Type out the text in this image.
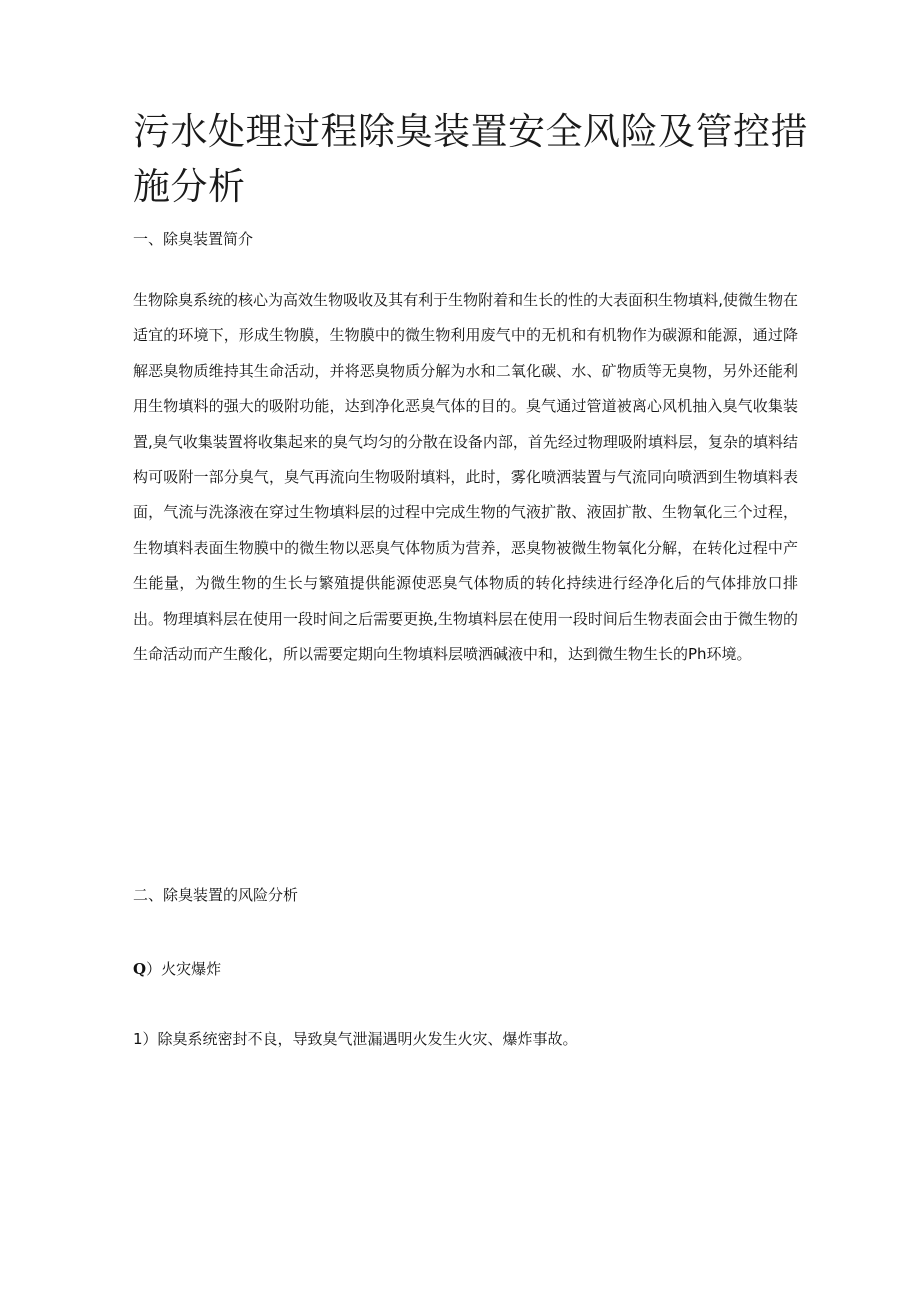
污水处理过程除臭装置安全风险及管控措施分析
一、除臭装置简介

生物除臭系统的核心为高效生物吸收及其有利于生物附着和生长的性的大表面积生物填料,使微生物在适宜的环境下，形成生物膜，生物膜中的微生物利用废气中的无机和有机物作为碳源和能源，通过降解恶臭物质维持其生命活动，并将恶臭物质分解为水和二氧化碳、水、矿物质等无臭物，另外还能利用生物填料的强大的吸附功能，达到净化恶臭气体的目的。臭气通过管道被离心风机抽入臭气收集装置,臭气收集装置将收集起来的臭气均匀的分散在设备内部，首先经过物理吸附填料层，复杂的填料结构可吸附一部分臭气，臭气再流向生物吸附填料，此时，雾化喷洒装置与气流同向喷洒到生物填料表面，气流与洗涤液在穿过生物填料层的过程中完成生物的气液扩散、液固扩散、生物氧化三个过程，生物填料表面生物膜中的微生物以恶臭气体物质为营养，恶臭物被微生物氧化分解，在转化过程中产生能量，为微生物的生长与繁殖提供能源使恶臭气体物质的转化持续进行经净化后的气体排放口排出。物理填料层在使用一段时间之后需要更换,生物填料层在使用一段时间后生物表面会由于微生物的生命活动而产生酸化，所以需要定期向生物填料层喷洒碱液中和，达到微生物生长的Ph环境。

二、除臭装置的风险分析
Q）火灾爆炸

1）除臭系统密封不良，导致臭气泄漏遇明火发生火灾、爆炸事故。
